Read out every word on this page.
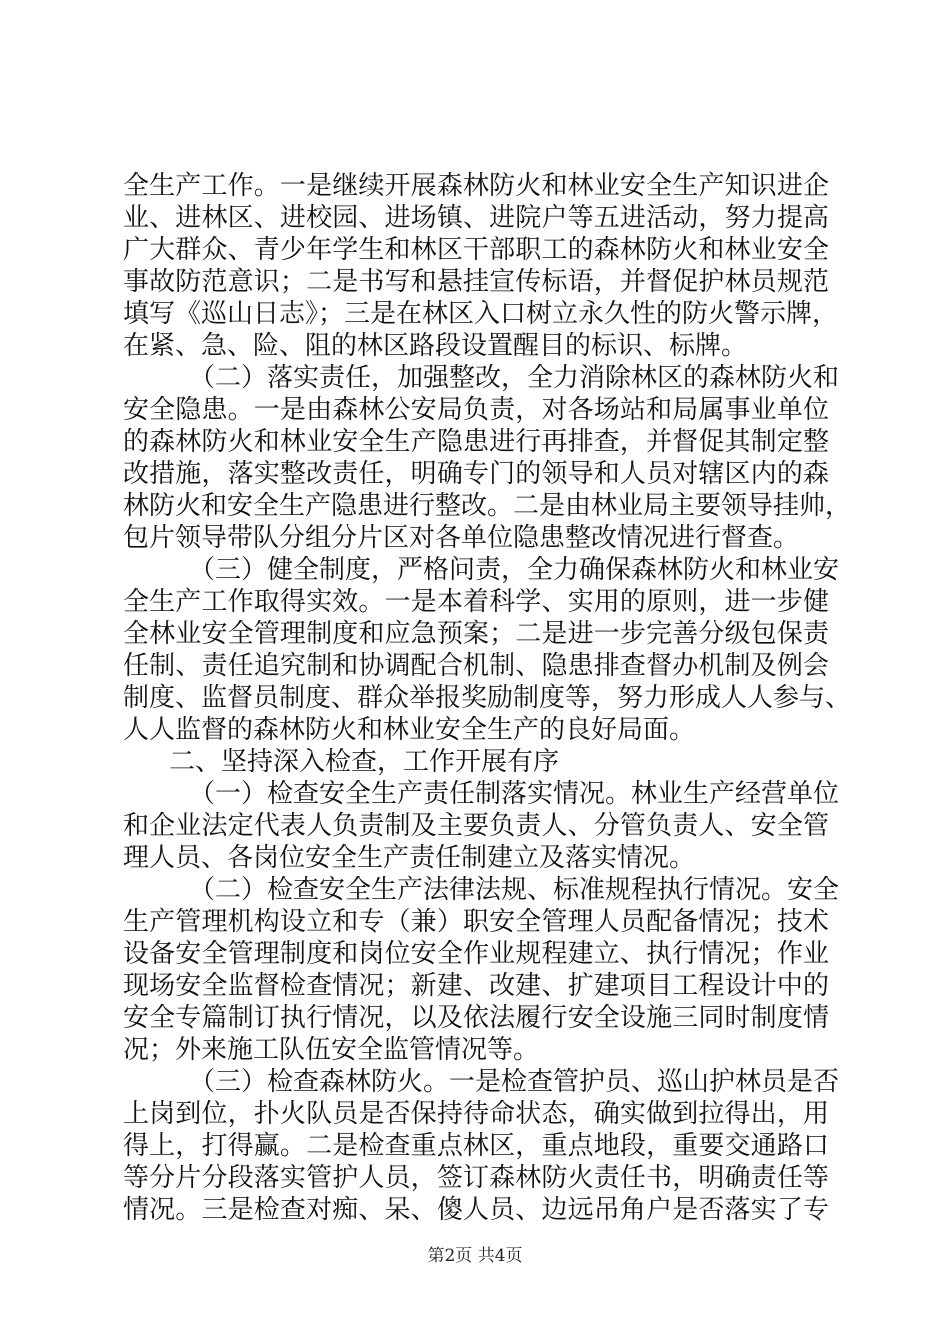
全生产工作。一是继续开展森林防火和林业安全生产知识进企
业、进林区、进校园、进场镇、进院户等五进活动，努力提高
广大群众、青少年学生和林区干部职工的森林防火和林业安全
事故防范意识；二是书写和悬挂宣传标语，并督促护林员规范
填写《巡山日志》；三是在林区入口树立永久性的防火警示牌，
在紧、急、险、阻的林区路段设置醒目的标识、标牌。
（二）落实责任，加强整改，全力消除林区的森林防火和
安全隐患。一是由森林公安局负责，对各场站和局属事业单位
的森林防火和林业安全生产隐患进行再排查，并督促其制定整
改措施，落实整改责任，明确专门的领导和人员对辖区内的森
林防火和安全生产隐患进行整改。二是由林业局主要领导挂帅，
包片领导带队分组分片区对各单位隐患整改情况进行督查。
（三）健全制度，严格问责，全力确保森林防火和林业安
全生产工作取得实效。一是本着科学、实用的原则，进一步健
全林业安全管理制度和应急预案；二是进一步完善分级包保责
任制、责任追究制和协调配合机制、隐患排查督办机制及例会
制度、监督员制度、群众举报奖励制度等，努力形成人人参与、
人人监督的森林防火和林业安全生产的良好局面。
二、坚持深入检查，工作开展有序
（一）检查安全生产责任制落实情况。林业生产经营单位
和企业法定代表人负责制及主要负责人、分管负责人、安全管
理人员、各岗位安全生产责任制建立及落实情况。
（二）检查安全生产法律法规、标准规程执行情况。安全
生产管理机构设立和专（兼）职安全管理人员配备情况；技术
设备安全管理制度和岗位安全作业规程建立、执行情况；作业
现场安全监督检查情况；新建、改建、扩建项目工程设计中的
安全专篇制订执行情况，以及依法履行安全设施三同时制度情
况；外来施工队伍安全监管情况等。
（三）检查森林防火。一是检查管护员、巡山护林员是否
上岗到位，扑火队员是否保持待命状态，确实做到拉得出，用
得上，打得赢。二是检查重点林区，重点地段，重要交通路口
等分片分段落实管护人员，签订森林防火责任书，明确责任等
情况。三是检查对痴、呆、傻人员、边远吊角户是否落实了专
第2页 共4页
